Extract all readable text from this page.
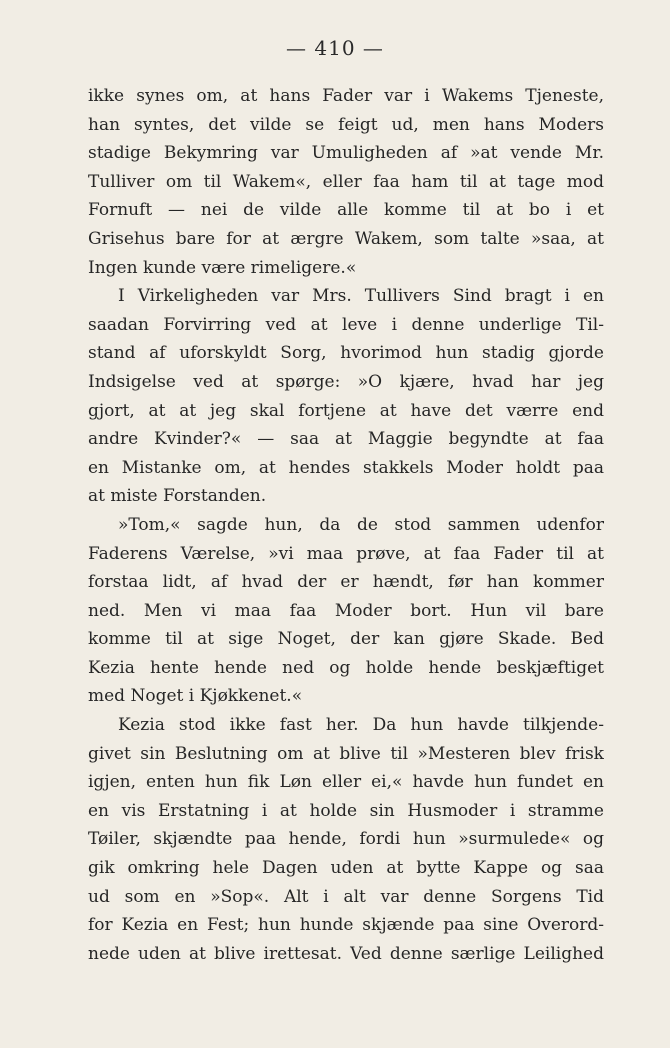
— 410 —
ikke synes om, at hans Fader var i Wakems Tjeneste,
han syntes, det vilde se feigt ud, men hans Moders
stadige Bekymring var Umuligheden af »at vende Mr.
Tulliver om til Wakem«, eller faa ham til at tage mod
Fornuft — nei de vilde alle komme til at bo i et
Grisehus bare for at ærgre Wakem, som talte »saa, at
Ingen kunde være rimeligere.«
I Virkeligheden var Mrs. Tullivers Sind bragt i en
saadan Forvirring ved at leve i denne underlige Til-
stand af uforskyldt Sorg, hvorimod hun stadig gjorde
Indsigelse ved at spørge: »O kjære, hvad har jeg
gjort, at at jeg skal fortjene at have det værre end
andre Kvinder?« — saa at Maggie begyndte at faa
en Mistanke om, at hendes stakkels Moder holdt paa
at miste Forstanden.
»Tom,« sagde hun, da de stod sammen udenfor
Faderens Værelse, »vi maa prøve, at faa Fader til at
forstaa lidt, af hvad der er hændt, før han kommer
ned. Men vi maa faa Moder bort. Hun vil bare
komme til at sige Noget, der kan gjøre Skade. Bed
Kezia hente hende ned og holde hende beskjæftiget
med Noget i Kjøkkenet.«
Kezia stod ikke fast her. Da hun havde tilkjende-
givet sin Beslutning om at blive til »Mesteren blev frisk
igjen, enten hun fik Løn eller ei,« havde hun fundet en
en vis Erstatning i at holde sin Husmoder i stramme
Tøiler, skjændte paa hende, fordi hun »surmulede« og
gik omkring hele Dagen uden at bytte Kappe og saa
ud som en »Sop«. Alt i alt var denne Sorgens Tid
for Kezia en Fest; hun hunde skjænde paa sine Overord-
nede uden at blive irettesat. Ved denne særlige Leilighed
